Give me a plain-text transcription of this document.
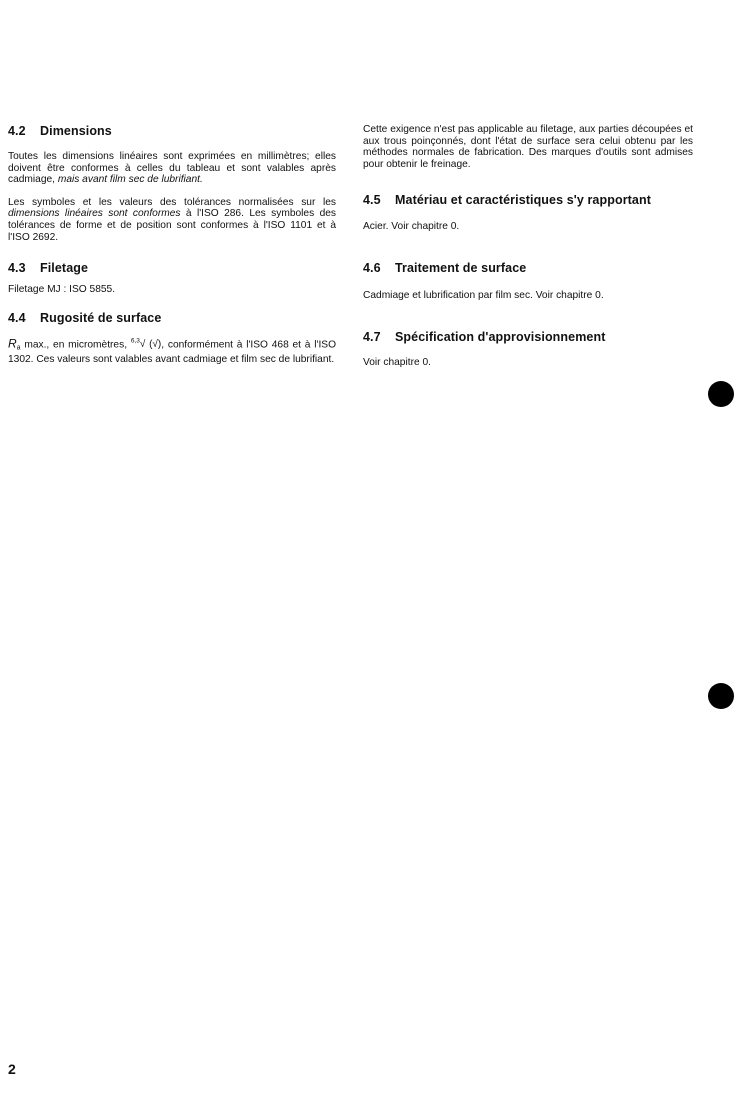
4.2 Dimensions

Toutes les dimensions linéaires sont exprimées en millimètres; elles doivent être conformes à celles du tableau et sont valables après cadmiage, mais avant film sec de lubrifiant.

Les symboles et les valeurs des tolérances normalisées sur les dimensions linéaires sont conformes à l'ISO 286. Les symboles des tolérances de forme et de position sont conformes à l'ISO 1101 et à l'ISO 2692.

4.3 Filetage

Filetage MJ : ISO 5855.

4.4 Rugosité de surface

$R_a$ max., en micromètres, $^{6,3}$√ (√), conformément à l'ISO 468 et à l'ISO 1302. Ces valeurs sont valables avant cadmiage et film sec de lubrifiant.

Cette exigence n'est pas applicable au filetage, aux parties découpées et aux trous poinçonnés, dont l'état de surface sera celui obtenu par les méthodes normales de fabrication. Des marques d'outils sont admises pour obtenir le freinage.

4.5 Matériau et caractéristiques s'y rapportant

Acier. Voir chapitre 0.

4.6 Traitement de surface

Cadmiage et lubrification par film sec. Voir chapitre 0.

4.7 Spécification d'approvisionnement

Voir chapitre 0.

2
